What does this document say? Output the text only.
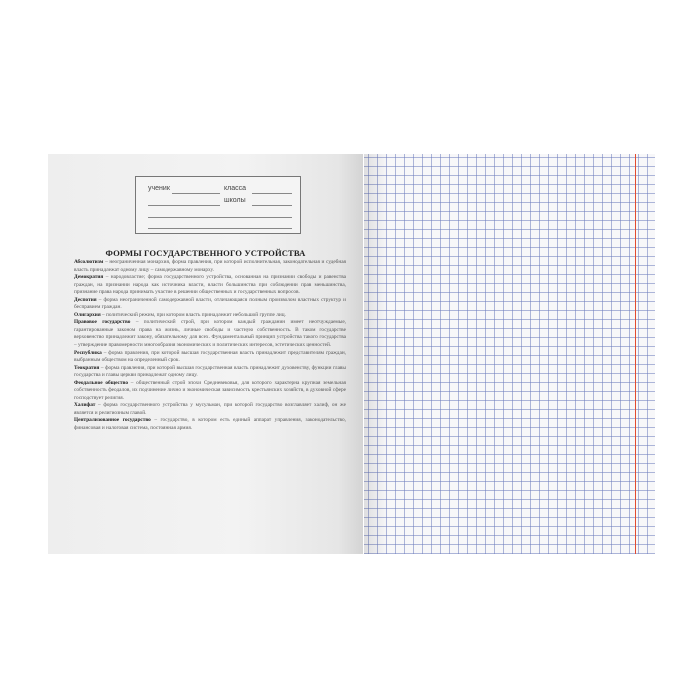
ученик	класса
школы
ФОРМЫ ГОСУДАРСТВЕННОГО УСТРОЙСТВА

Абсолютизм – неограниченная монархия, форма правления, при которой исполнительная, законодательная и судебная власть принадлежат одному лицу – самодержавному монарху.

Демократия – народовластие; форма государственного устройства, основанная на признании свободы и равенства граждан, на признании народа как источника власти, власти большинства при соблюдении прав меньшинства, признание права народа принимать участие в решении общественных и государственных вопросов.

Деспотия – форма неограниченной самодержавной власти, отличающаяся полным произволом властных структур и бесправием граждан.

Олигархия – политический режим, при котором власть принадлежит небольшой группе лиц.

Правовое государство – политический строй, при котором каждый гражданин имеет неотчуждаемые, гарантированные законом права на жизнь, личные свободы и частную собственность. В таком государстве верховенство принадлежит закону, обязательному для всех. Фундаментальный принцип устройства такого государства – утверждение правомерности многообразия экономических и политических интересов, эстетических ценностей.

Республика – форма правления, при которой высшая государственная власть принадлежит представителям граждан, выбранным обществом на определенный срок.

Теократия – форма правления, при которой высшая государственная власть принадлежит духовенству, функции главы государства и главы церкви принадлежат одному лицу.

Феодальное общество – общественный строй эпохи Средневековья, для которого характерна крупная земельная собственность феодалов, их подчинение лично и экономическая зависимость крестьянских хозяйств, в духовной сфере господствует религия.

Халифат – форма государственного устройства у мусульман, при которой государство возглавляет халиф, он же является и религиозным главой.

Централизованное государство – государство, в котором есть единый аппарат управления, законодательство, финансовая и налоговая система, постоянная армия.
